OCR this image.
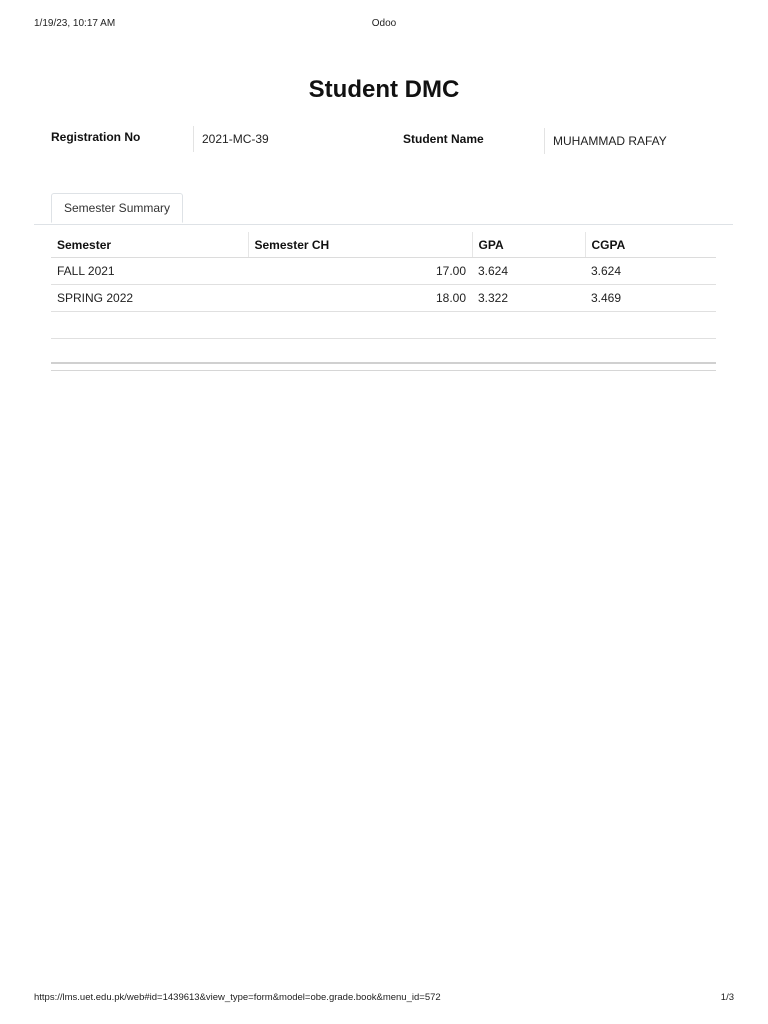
1/19/23, 10:17 AM	Odoo
Student DMC
Registration No	2021-MC-39	Student Name	MUHAMMAD RAFAY
Semester Summary
Semester	Semester CH	GPA	CGPA
FALL 2021	17.00	3.624	3.624
SPRING 2022	18.00	3.322	3.469

https://lms.uet.edu.pk/web#id=1439613&view_type=form&model=obe.grade.book&menu_id=572	1/3
